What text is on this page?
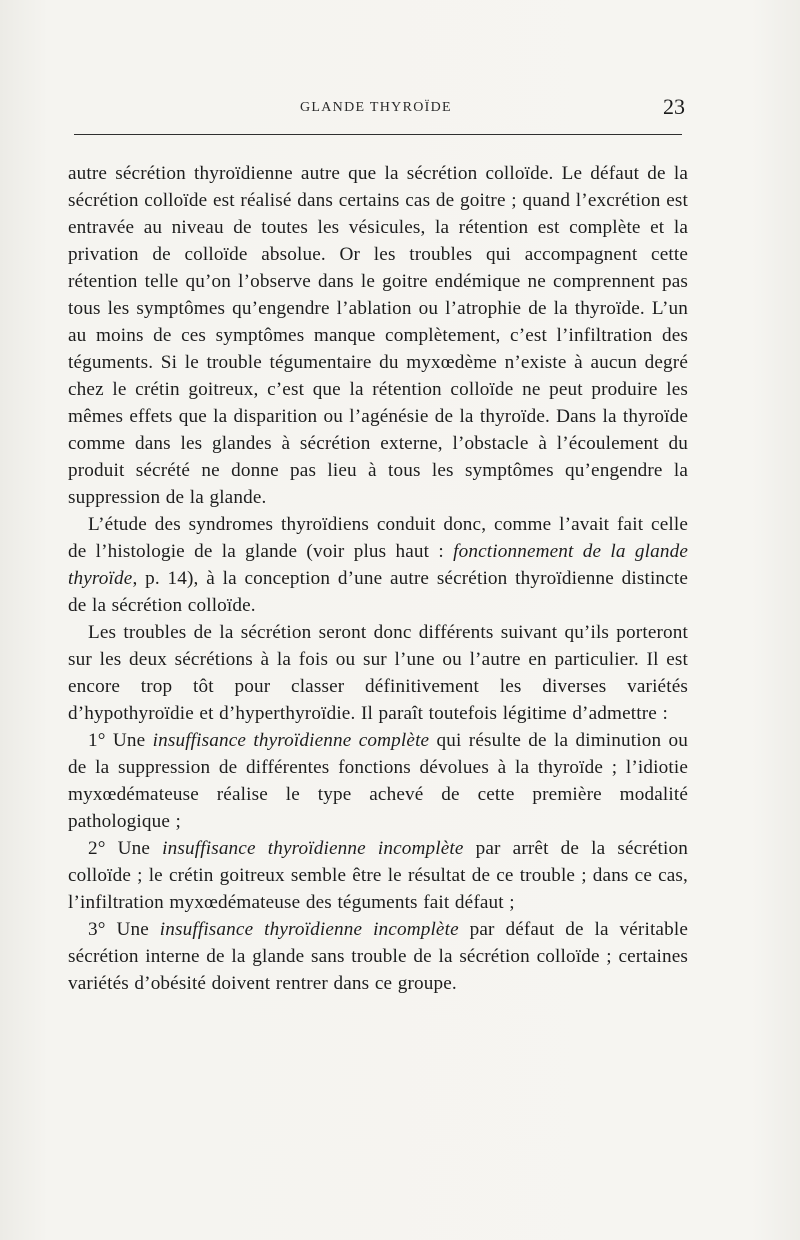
GLANDE THYROÏDE	23

autre sécrétion thyroïdienne autre que la sécrétion colloïde. Le défaut de la sécrétion colloïde est réalisé dans certains cas de goitre ; quand l’excrétion est entravée au niveau de toutes les vésicules, la rétention est complète et la privation de colloïde absolue. Or les troubles qui accompagnent cette rétention telle qu’on l’observe dans le goitre endémique ne comprennent pas tous les symptômes qu’engendre l’ablation ou l’atrophie de la thyroïde. L’un au moins de ces symptômes manque complètement, c’est l’infiltration des téguments. Si le trouble tégumentaire du myxœdème n’existe à aucun degré chez le crétin goitreux, c’est que la rétention colloïde ne peut produire les mêmes effets que la disparition ou l’agénésie de la thyroïde. Dans la thyroïde comme dans les glandes à sécrétion externe, l’obstacle à l’écoulement du produit sécrété ne donne pas lieu à tous les symptômes qu’engendre la suppression de la glande.

L’étude des syndromes thyroïdiens conduit donc, comme l’avait fait celle de l’histologie de la glande (voir plus haut : fonctionnement de la glande thyroïde, p. 14), à la conception d’une autre sécrétion thyroïdienne distincte de la sécrétion colloïde.

Les troubles de la sécrétion seront donc différents suivant qu’ils porteront sur les deux sécrétions à la fois ou sur l’une ou l’autre en particulier. Il est encore trop tôt pour classer définitivement les diverses variétés d’hypothyroïdie et d’hyperthyroïdie. Il paraît toutefois légitime d’admettre :

1° Une insuffisance thyroïdienne complète qui résulte de la diminution ou de la suppression de différentes fonctions dévolues à la thyroïde ; l’idiotie myxœdémateuse réalise le type achevé de cette première modalité pathologique ;

2° Une insuffisance thyroïdienne incomplète par arrêt de la sécrétion colloïde ; le crétin goitreux semble être le résultat de ce trouble ; dans ce cas, l’infiltration myxœdémateuse des téguments fait défaut ;

3° Une insuffisance thyroïdienne incomplète par défaut de la véritable sécrétion interne de la glande sans trouble de la sécrétion colloïde ; certaines variétés d’obésité doivent rentrer dans ce groupe.
